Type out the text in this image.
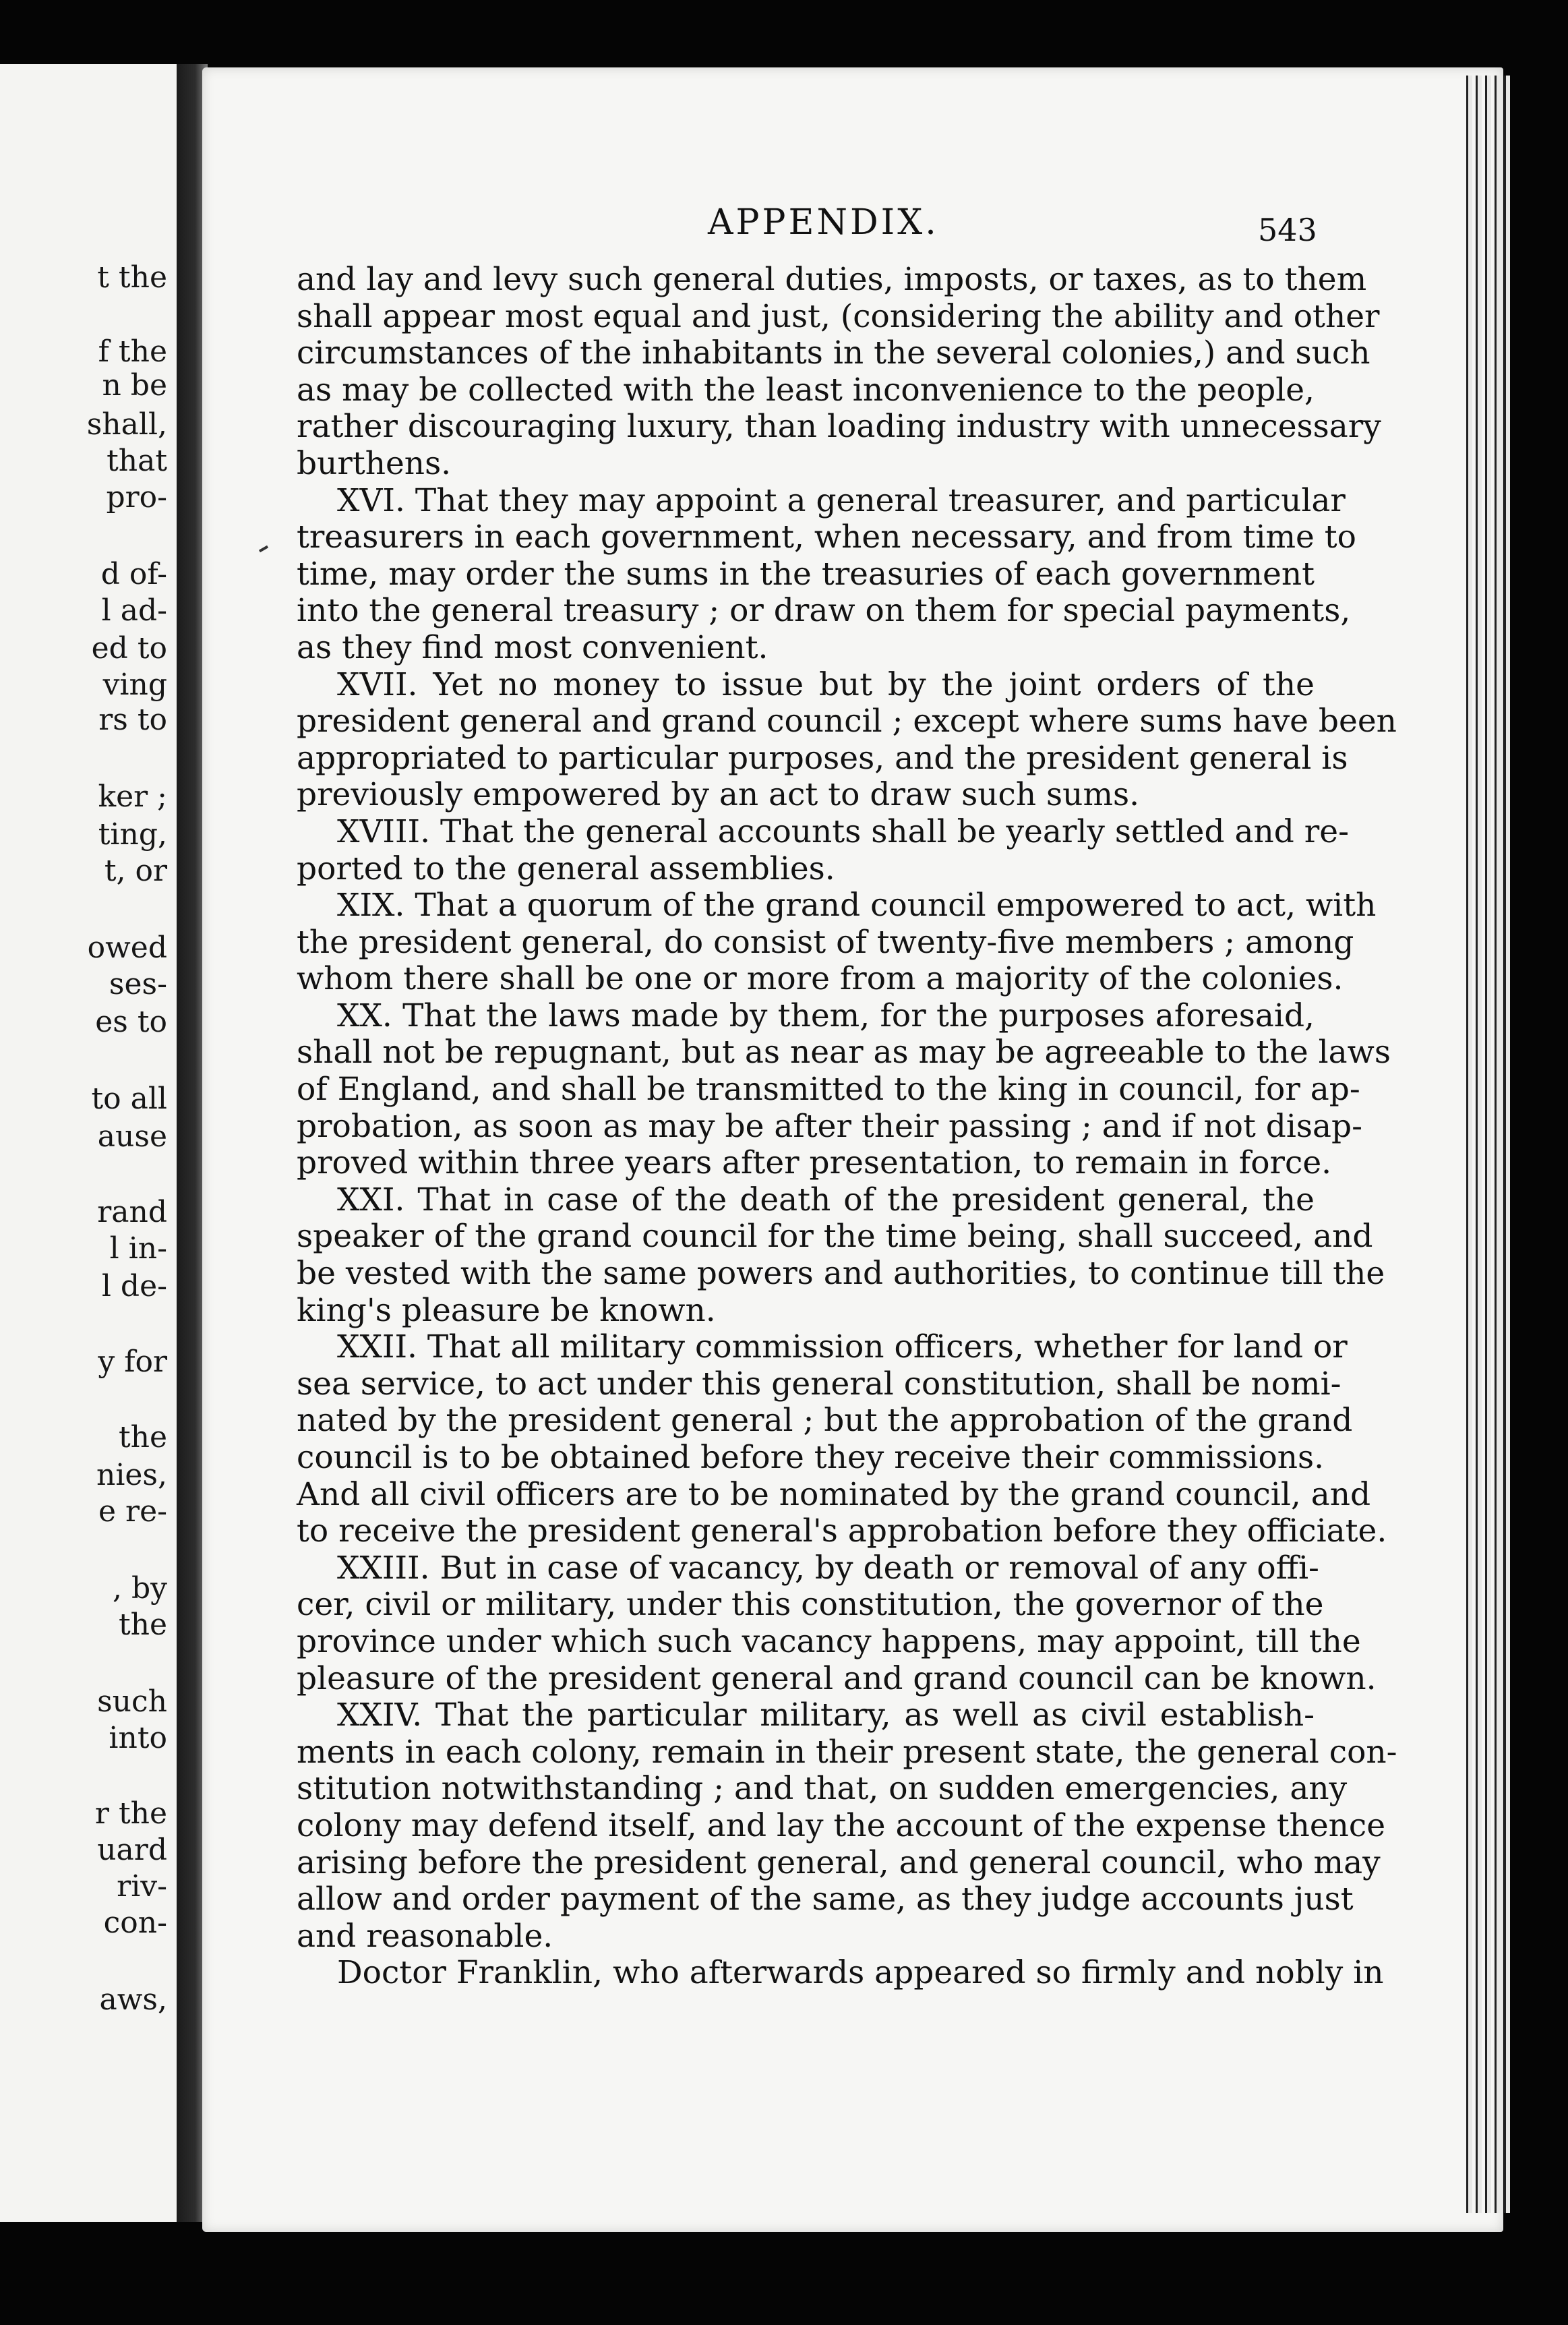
t the
f the
n be
shall,
that
pro-
d of-
l ad-
ed to
ving
rs to
ker ;
ting,
t, or
owed
ses-
es to
to all
ause
rand
l in-
l de-
y for
the
nies,
e re-
, by
the
such
into
r the
uard
riv-
con-
aws,
APPENDIX.	543
and lay and levy such general duties, imposts, or taxes, as to them
shall appear most equal and just, (considering the ability and other
circumstances of the inhabitants in the several colonies,) and such
as may be collected with the least inconvenience to the people,
rather discouraging luxury, than loading industry with unnecessary
burthens.
XVI. That they may appoint a general treasurer, and particular
treasurers in each government, when necessary, and from time to
time, may order the sums in the treasuries of each government
into the general treasury ; or draw on them for special payments,
as they find most convenient.
XVII. Yet no money to issue but by the joint orders of the
president general and grand council ; except where sums have been
appropriated to particular purposes, and the president general is
previously empowered by an act to draw such sums.
XVIII. That the general accounts shall be yearly settled and re-
ported to the general assemblies.
XIX. That a quorum of the grand council empowered to act, with
the president general, do consist of twenty-five members ; among
whom there shall be one or more from a majority of the colonies.
XX. That the laws made by them, for the purposes aforesaid,
shall not be repugnant, but as near as may be agreeable to the laws
of England, and shall be transmitted to the king in council, for ap-
probation, as soon as may be after their passing ; and if not disap-
proved within three years after presentation, to remain in force.
XXI. That in case of the death of the president general, the
speaker of the grand council for the time being, shall succeed, and
be vested with the same powers and authorities, to continue till the
king's pleasure be known.
XXII. That all military commission officers, whether for land or
sea service, to act under this general constitution, shall be nomi-
nated by the president general ; but the approbation of the grand
council is to be obtained before they receive their commissions.
And all civil officers are to be nominated by the grand council, and
to receive the president general's approbation before they officiate.
XXIII. But in case of vacancy, by death or removal of any offi-
cer, civil or military, under this constitution, the governor of the
province under which such vacancy happens, may appoint, till the
pleasure of the president general and grand council can be known.
XXIV. That the particular military, as well as civil establish-
ments in each colony, remain in their present state, the general con-
stitution notwithstanding ; and that, on sudden emergencies, any
colony may defend itself, and lay the account of the expense thence
arising before the president general, and general council, who may
allow and order payment of the same, as they judge accounts just
and reasonable.
Doctor Franklin, who afterwards appeared so firmly and nobly in
